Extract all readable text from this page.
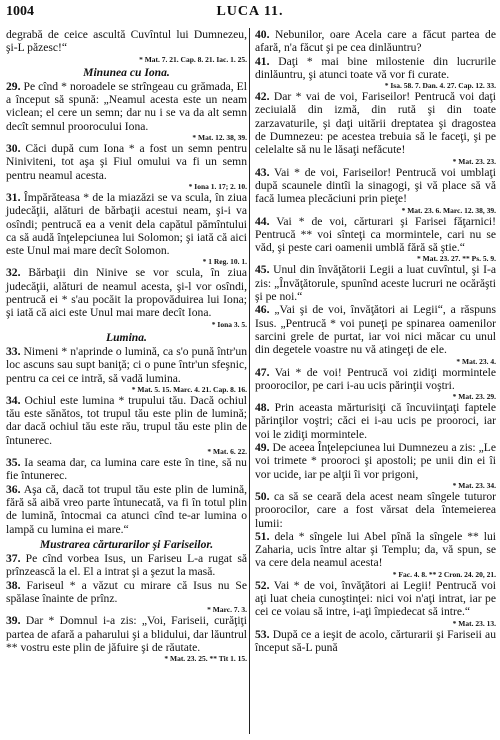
1004	LUCA 11.

degrabă de ceice ascultă Cuvîntul lui Dumnezeu, şi-L păzesc!“

* Mat. 7. 21. Cap. 8. 21. Iac. 1. 25.
Minunea cu Iona.

29. Pe cînd * noroadele se strîngeau cu grămada, El a început să spună: „Neamul acesta este un neam viclean; el cere un semn; dar nu i se va da alt semn decît semnul proorocului Iona.

* Mat. 12. 38, 39.

30. Căci după cum Iona * a fost un semn pentru Niniviteni, tot aşa şi Fiul omului va fi un semn pentru neamul acesta.

* Iona 1. 17; 2. 10.

31. Împărăteasa * de la miazăzi se va scula, în ziua judecăţii, alături de bărbaţii acestui neam, şi-i va osîndi; pentrucă ea a venit dela capătul pămîntului ca să audă înţelepciunea lui Solomon; şi iată că aici este Unul mai mare decît Solomon.

* 1 Reg. 10. 1.

32. Bărbaţii din Ninive se vor scula, în ziua judecăţii, alături de neamul acesta, şi-l vor osîndi, pentrucă ei * s'au pocăit la propovăduirea lui Iona; şi iată că aici este Unul mai mare decît Iona.

* Iona 3. 5.
Lumina.

33. Nimeni * n'aprinde o lumină, ca s'o pună într'un loc ascuns sau supt baniţă; ci o pune într'un sfeşnic, pentru ca cei ce intră, să vadă lumina.

* Mat. 5. 15. Marc. 4. 21. Cap. 8. 16.

34. Ochiul este lumina * trupului tău. Dacă ochiul tău este sănătos, tot trupul tău este plin de lumină; dar dacă ochiul tău este rău, trupul tău este plin de întunerec.

* Mat. 6. 22.

35. Ia seama dar, ca lumina care este în tine, să nu fie întunerec.

36. Aşa că, dacă tot trupul tău este plin de lumină, fără să aibă vreo parte întunecată, va fi în totul plin de lumină, întocmai ca atunci cînd te-ar lumina o lampă cu lumina ei mare.“

Mustrarea cărturarilor şi Fariseilor.

37. Pe cînd vorbea Isus, un Fariseu L-a rugat să prînzească la el. El a intrat şi a şezut la masă.

38. Fariseul * a văzut cu mirare că Isus nu Se spălase înainte de prînz.

* Marc. 7. 3.

39. Dar * Domnul i-a zis: „Voi, Fariseii, curăţiţi partea de afară a paharului şi a blidului, dar lăuntrul ** vostru este plin de jăfuire şi de răutate.

* Mat. 23. 25. ** Tit 1. 15.

40. Nebunilor, oare Acela care a făcut partea de afară, n'a făcut şi pe cea dinlăuntru?

41. Daţi * mai bine milostenie din lucrurile dinlăuntru, şi atunci toate vă vor fi curate.

* Isa. 58. 7. Dan. 4. 27. Cap. 12. 33.

42. Dar * vai de voi, Fariseilor! Pentrucă voi daţi zeciuială din izmă, din rută şi din toate zarzavaturile, şi daţi uitării dreptatea şi dragostea de Dumnezeu: pe acestea trebuia să le faceţi, şi pe celelalte să nu le lăsaţi nefăcute!

* Mat. 23. 23.

43. Vai * de voi, Fariseilor! Pentrucă voi umblaţi după scaunele dintîi la sinagogi, şi vă place să vă facă lumea plecăciuni prin pieţe!

* Mat. 23. 6. Marc. 12. 38, 39.

44. Vai * de voi, cărturari şi Farisei făţarnici! Pentrucă ** voi sînteţi ca mormintele, cari nu se văd, şi peste cari oamenii umblă fără să ştie.“

* Mat. 23. 27. ** Ps. 5. 9.

45. Unul din învăţătorii Legii a luat cuvîntul, şi I-a zis: „Învăţătorule, spunînd aceste lucruri ne ocărăşti şi pe noi.“

46. „Vai şi de voi, învăţători ai Legii“, a răspuns Isus. „Pentrucă * voi puneţi pe spinarea oamenilor sarcini grele de purtat, iar voi nici măcar cu unul din degetele voastre nu vă atingeţi de ele.

* Mat. 23. 4.

47. Vai * de voi! Pentrucă voi zidiţi mormintele proorocilor, pe cari i-au ucis părinţii voştri.

* Mat. 23. 29.

48. Prin aceasta mărturisiţi că încuviinţaţi faptele părinţilor voştri; căci ei i-au ucis pe prooroci, iar voi le zidiţi mormintele.

49. De aceea Înţelepciunea lui Dumnezeu a zis: „Le voi trimete * prooroci şi apostoli; pe unii din ei îi vor ucide, iar pe alţii îi vor prigoni,

* Mat. 23. 34.

50. ca să se ceară dela acest neam sîngele tuturor proorocilor, care a fost vărsat dela întemeierea lumii:

51. dela * sîngele lui Abel pînă la sîngele ** lui Zaharia, ucis între altar şi Templu; da, vă spun, se va cere dela neamul acesta!

* Fac. 4. 8. ** 2 Cron. 24. 20, 21.

52. Vai * de voi, învăţători ai Legii! Pentrucă voi aţi luat cheia cunoştinţei: nici voi n'aţi intrat, iar pe cei ce voiau să intre, i-aţi împiedecat să intre.“

* Mat. 23. 13.

53. După ce a ieşit de acolo, cărturarii şi Fariseii au început să-L pună
